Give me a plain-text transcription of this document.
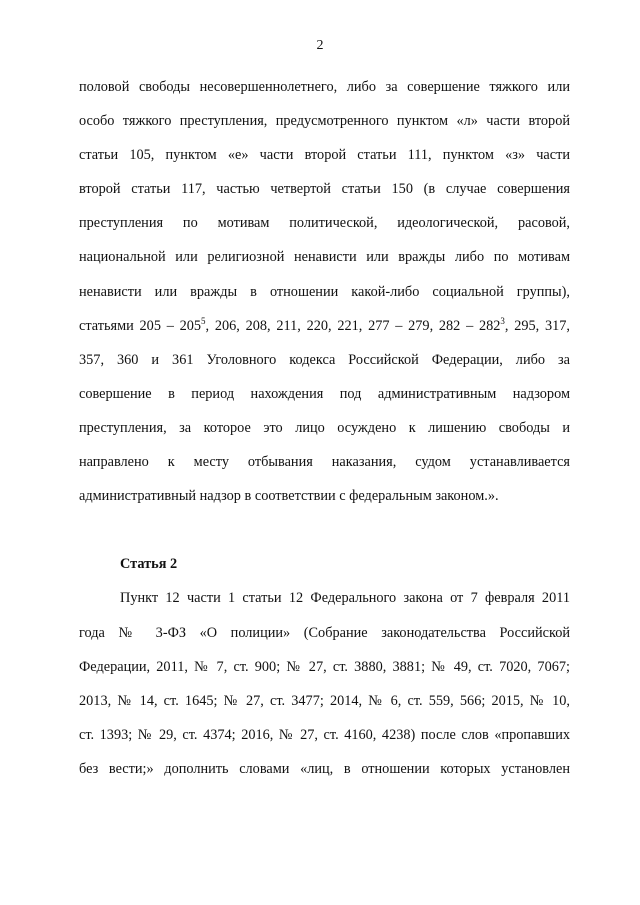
2
половой свободы несовершеннолетнего, либо за совершение тяжкого или
особо тяжкого преступления, предусмотренного пунктом «л» части второй
статьи 105, пунктом «е» части второй статьи 111, пунктом «з» части
второй статьи 117, частью четвертой статьи 150 (в случае совершения
преступления по мотивам политической, идеологической, расовой,
национальной или религиозной ненависти или вражды либо по мотивам
ненависти или вражды в отношении какой-либо социальной группы),
статьями $205 - 205^5$, 206, 208, 211, 220, 221, 277 – 279, $282 - 282^3$, 295, 317,
357, 360 и 361 Уголовного кодекса Российской Федерации, либо за
совершение в период нахождения под административным надзором
преступления, за которое это лицо осуждено к лишению свободы и
направлено к месту отбывания наказания, судом устанавливается
административный надзор в соответствии с федеральным законом.».
Статья 2
Пункт 12 части 1 статьи 12 Федерального закона от 7 февраля 2011
года № 3-ФЗ «О полиции» (Собрание законодательства Российской
Федерации, 2011, № 7, ст. 900; № 27, ст. 3880, 3881; № 49, ст. 7020, 7067;
2013, № 14, ст. 1645; № 27, ст. 3477; 2014, № 6, ст. 559, 566; 2015, № 10,
ст. 1393; № 29, ст. 4374; 2016, № 27, ст. 4160, 4238) после слов «пропавших
без вести;» дополнить словами «лиц, в отношении которых установлен
